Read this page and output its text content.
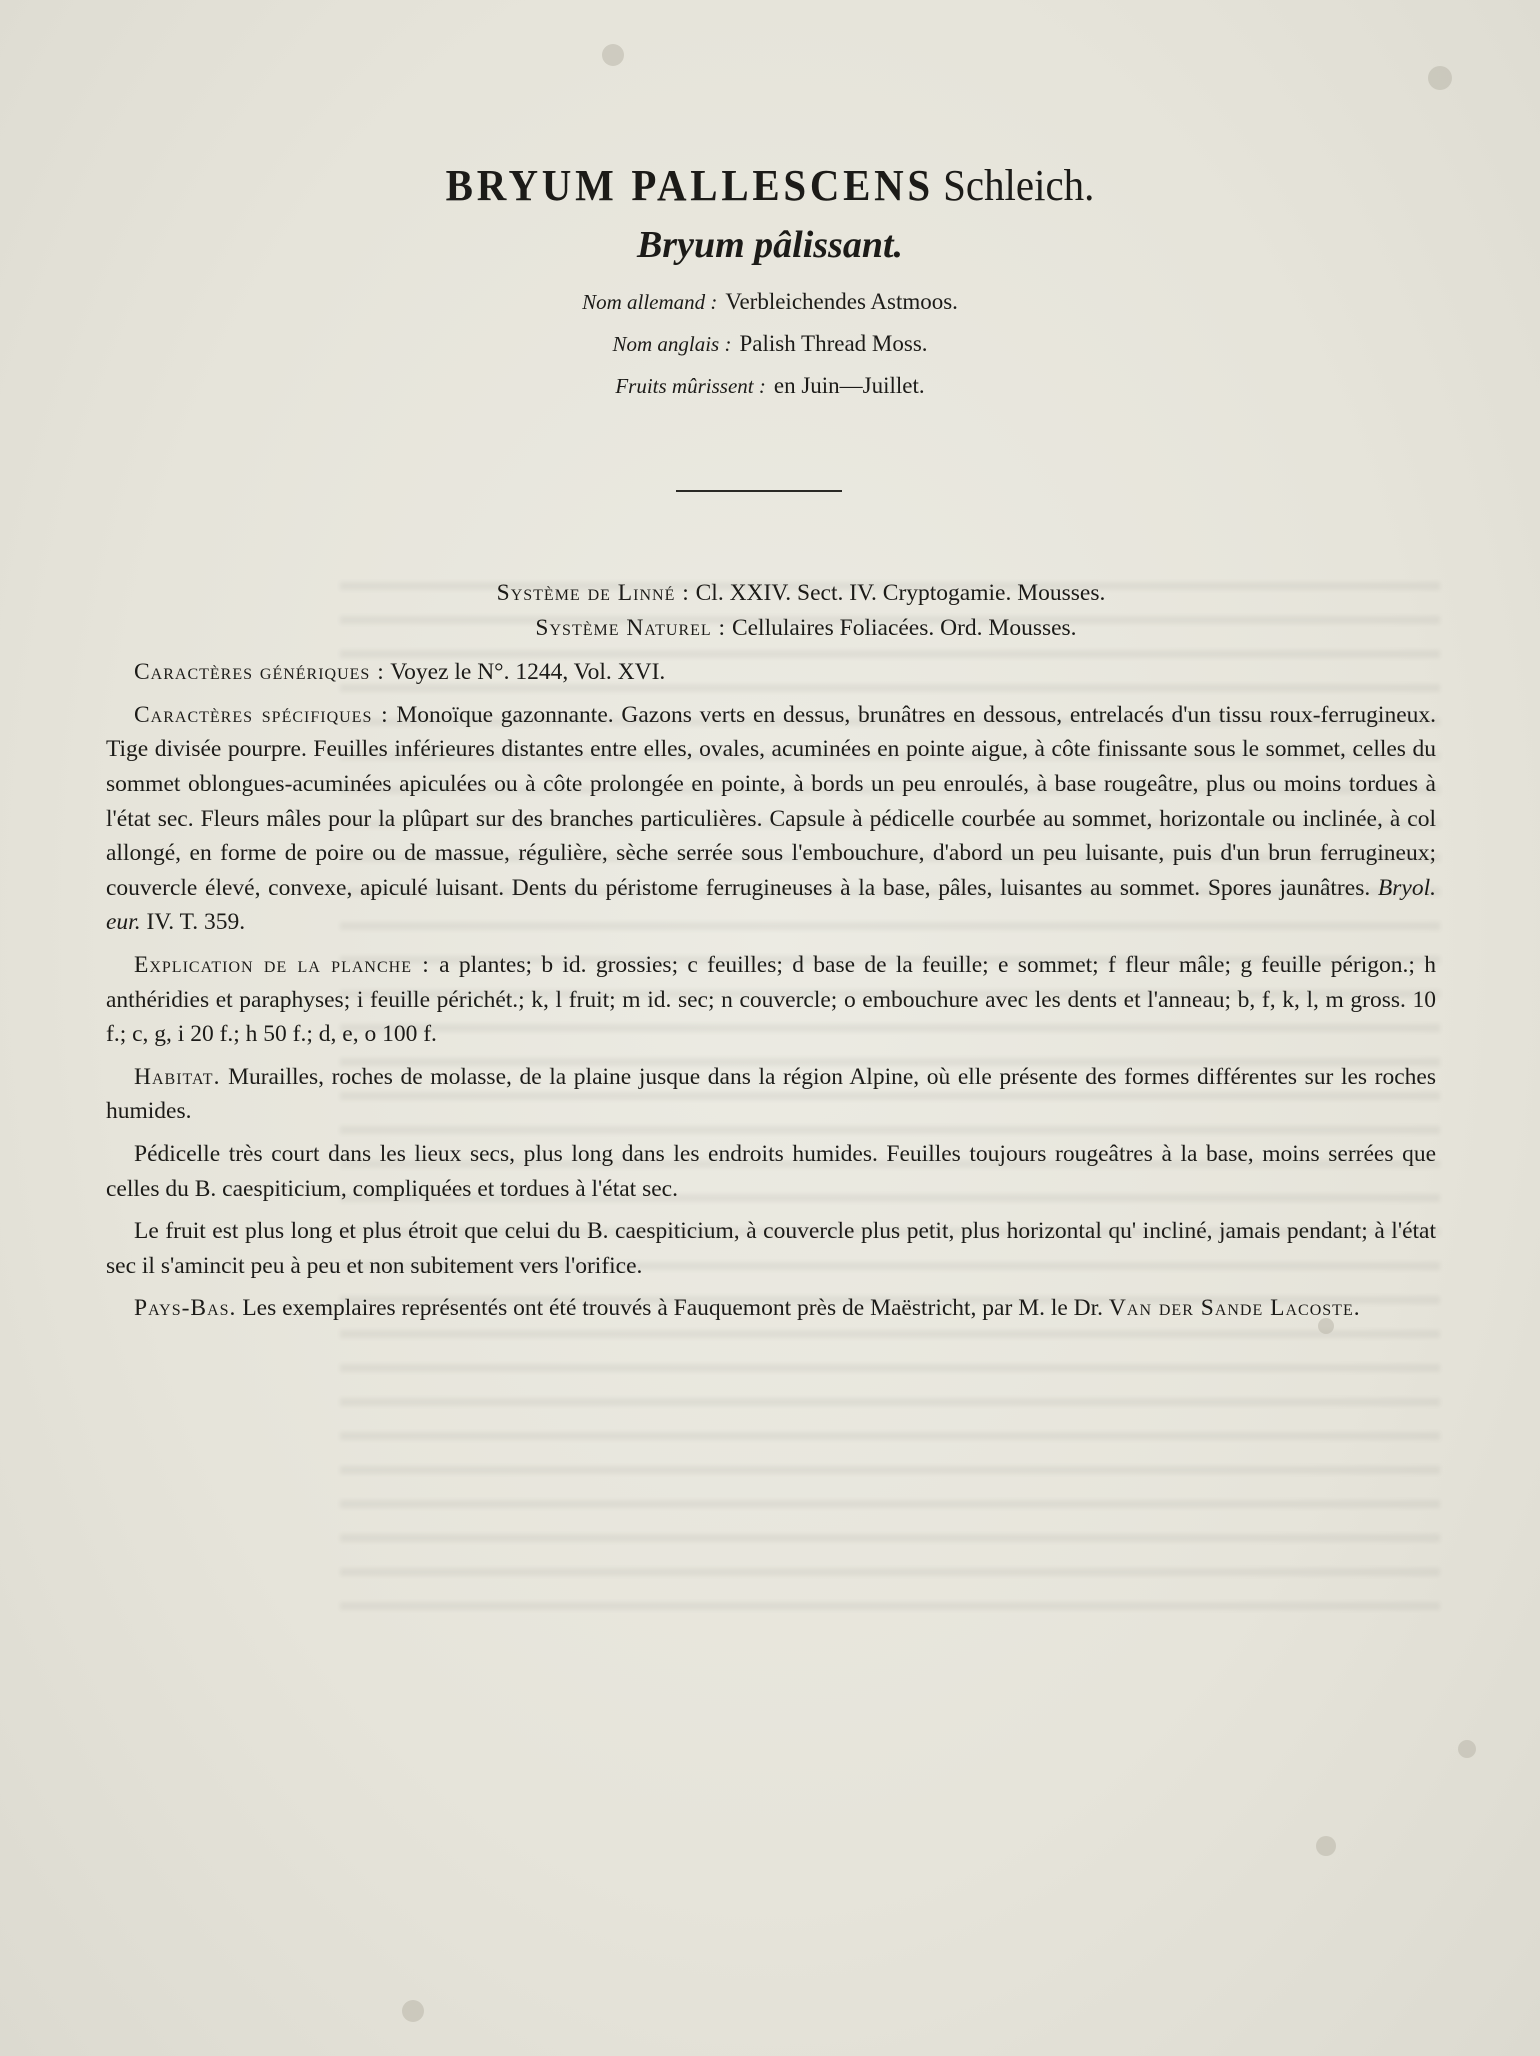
BRYUM PALLESCENS Schleich.
Bryum pâlissant.

Nom allemand : Verbleichendes Astmoos.

Nom anglais : Palish Thread Moss.

Fruits mûrissent : en Juin—Juillet.

Système de Linné : Cl. XXIV. Sect. IV. Cryptogamie. Mousses.

Système Naturel : Cellulaires Foliacées. Ord. Mousses.

Caractères génériques : Voyez le N°. 1244, Vol. XVI.

Caractères spécifiques : Monoïque gazonnante. Gazons verts en dessus, brunâtres en dessous, entrelacés d'un tissu roux-ferrugineux. Tige divisée pourpre. Feuilles inférieures distantes entre elles, ovales, acuminées en pointe aigue, à côte finissante sous le sommet, celles du sommet oblongues-acuminées apiculées ou à côte prolongée en pointe, à bords un peu enroulés, à base rougeâtre, plus ou moins tordues à l'état sec. Fleurs mâles pour la plûpart sur des branches particulières. Capsule à pédicelle courbée au sommet, horizontale ou inclinée, à col allongé, en forme de poire ou de massue, régulière, sèche serrée sous l'embouchure, d'abord un peu luisante, puis d'un brun ferrugineux; couvercle élevé, convexe, apiculé luisant. Dents du péristome ferrugineuses à la base, pâles, luisantes au sommet. Spores jaunâtres. Bryol. eur. IV. T. 359.

Explication de la planche : a plantes; b id. grossies; c feuilles; d base de la feuille; e sommet; f fleur mâle; g feuille périgon.; h anthéridies et paraphyses; i feuille périchét.; k, l fruit; m id. sec; n couvercle; o embouchure avec les dents et l'anneau; b, f, k, l, m gross. 10 f.; c, g, i 20 f.; h 50 f.; d, e, o 100 f.

Habitat. Murailles, roches de molasse, de la plaine jusque dans la région Alpine, où elle présente des formes différentes sur les roches humides.

Pédicelle très court dans les lieux secs, plus long dans les endroits humides. Feuilles toujours rougeâtres à la base, moins serrées que celles du B. caespiticium, compliquées et tordues à l'état sec.

Le fruit est plus long et plus étroit que celui du B. caespiticium, à couvercle plus petit, plus horizontal qu' incliné, jamais pendant; à l'état sec il s'amincit peu à peu et non subitement vers l'orifice.

Pays-Bas. Les exemplaires représentés ont été trouvés à Fauquemont près de Maëstricht, par M. le Dr. Van der Sande Lacoste.
